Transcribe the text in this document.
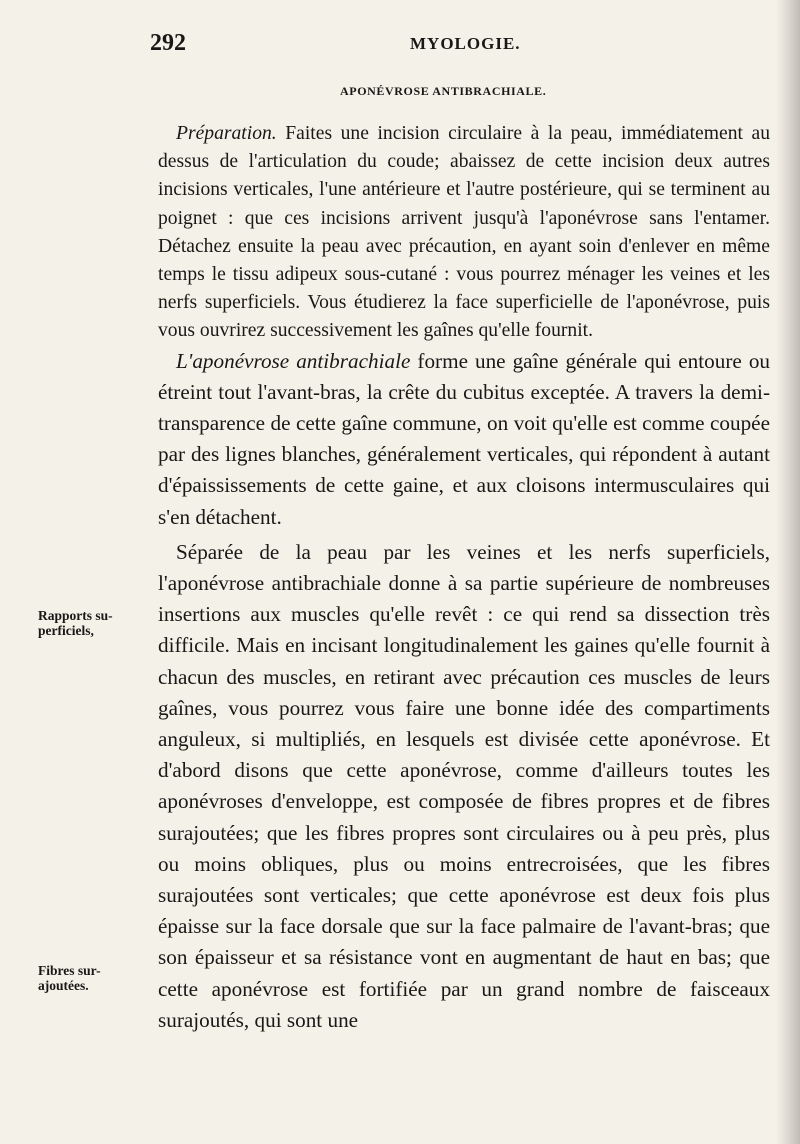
292	MYOLOGIE.
APONÉVROSE ANTIBRACHIALE.
Rapports su-
perficiels,
Fibres sur-
ajoutées.

Préparation. Faites une incision circulaire à la peau, immédiatement au dessus de l'articulation du coude; abaissez de cette incision deux autres incisions verticales, l'une antérieure et l'autre postérieure, qui se terminent au poignet : que ces incisions arrivent jusqu'à l'aponévrose sans l'entamer. Détachez ensuite la peau avec précaution, en ayant soin d'enlever en même temps le tissu adipeux sous-cutané : vous pourrez ménager les veines et les nerfs superficiels. Vous étudierez la face superficielle de l'aponévrose, puis vous ouvrirez successivement les gaînes qu'elle fournit.

L'aponévrose antibrachiale forme une gaîne générale qui entoure ou étreint tout l'avant-bras, la crête du cubitus exceptée. A travers la demi-transparence de cette gaîne commune, on voit qu'elle est comme coupée par des lignes blanches, généralement verticales, qui répondent à autant d'épaississements de cette gaine, et aux cloisons intermusculaires qui s'en détachent.

Séparée de la peau par les veines et les nerfs superficiels, l'aponévrose antibrachiale donne à sa partie supérieure de nombreuses insertions aux muscles qu'elle revêt : ce qui rend sa dissection très difficile. Mais en incisant longitudinalement les gaines qu'elle fournit à chacun des muscles, en retirant avec précaution ces muscles de leurs gaînes, vous pourrez vous faire une bonne idée des compartiments anguleux, si multipliés, en lesquels est divisée cette aponévrose. Et d'abord disons que cette aponévrose, comme d'ailleurs toutes les aponévroses d'enveloppe, est composée de fibres propres et de fibres surajoutées; que les fibres propres sont circulaires ou à peu près, plus ou moins obliques, plus ou moins entrecroisées, que les fibres surajoutées sont verticales; que cette aponévrose est deux fois plus épaisse sur la face dorsale que sur la face palmaire de l'avant-bras; que son épaisseur et sa résistance vont en augmentant de haut en bas; que cette aponévrose est fortifiée par un grand nombre de faisceaux surajoutés, qui sont une
